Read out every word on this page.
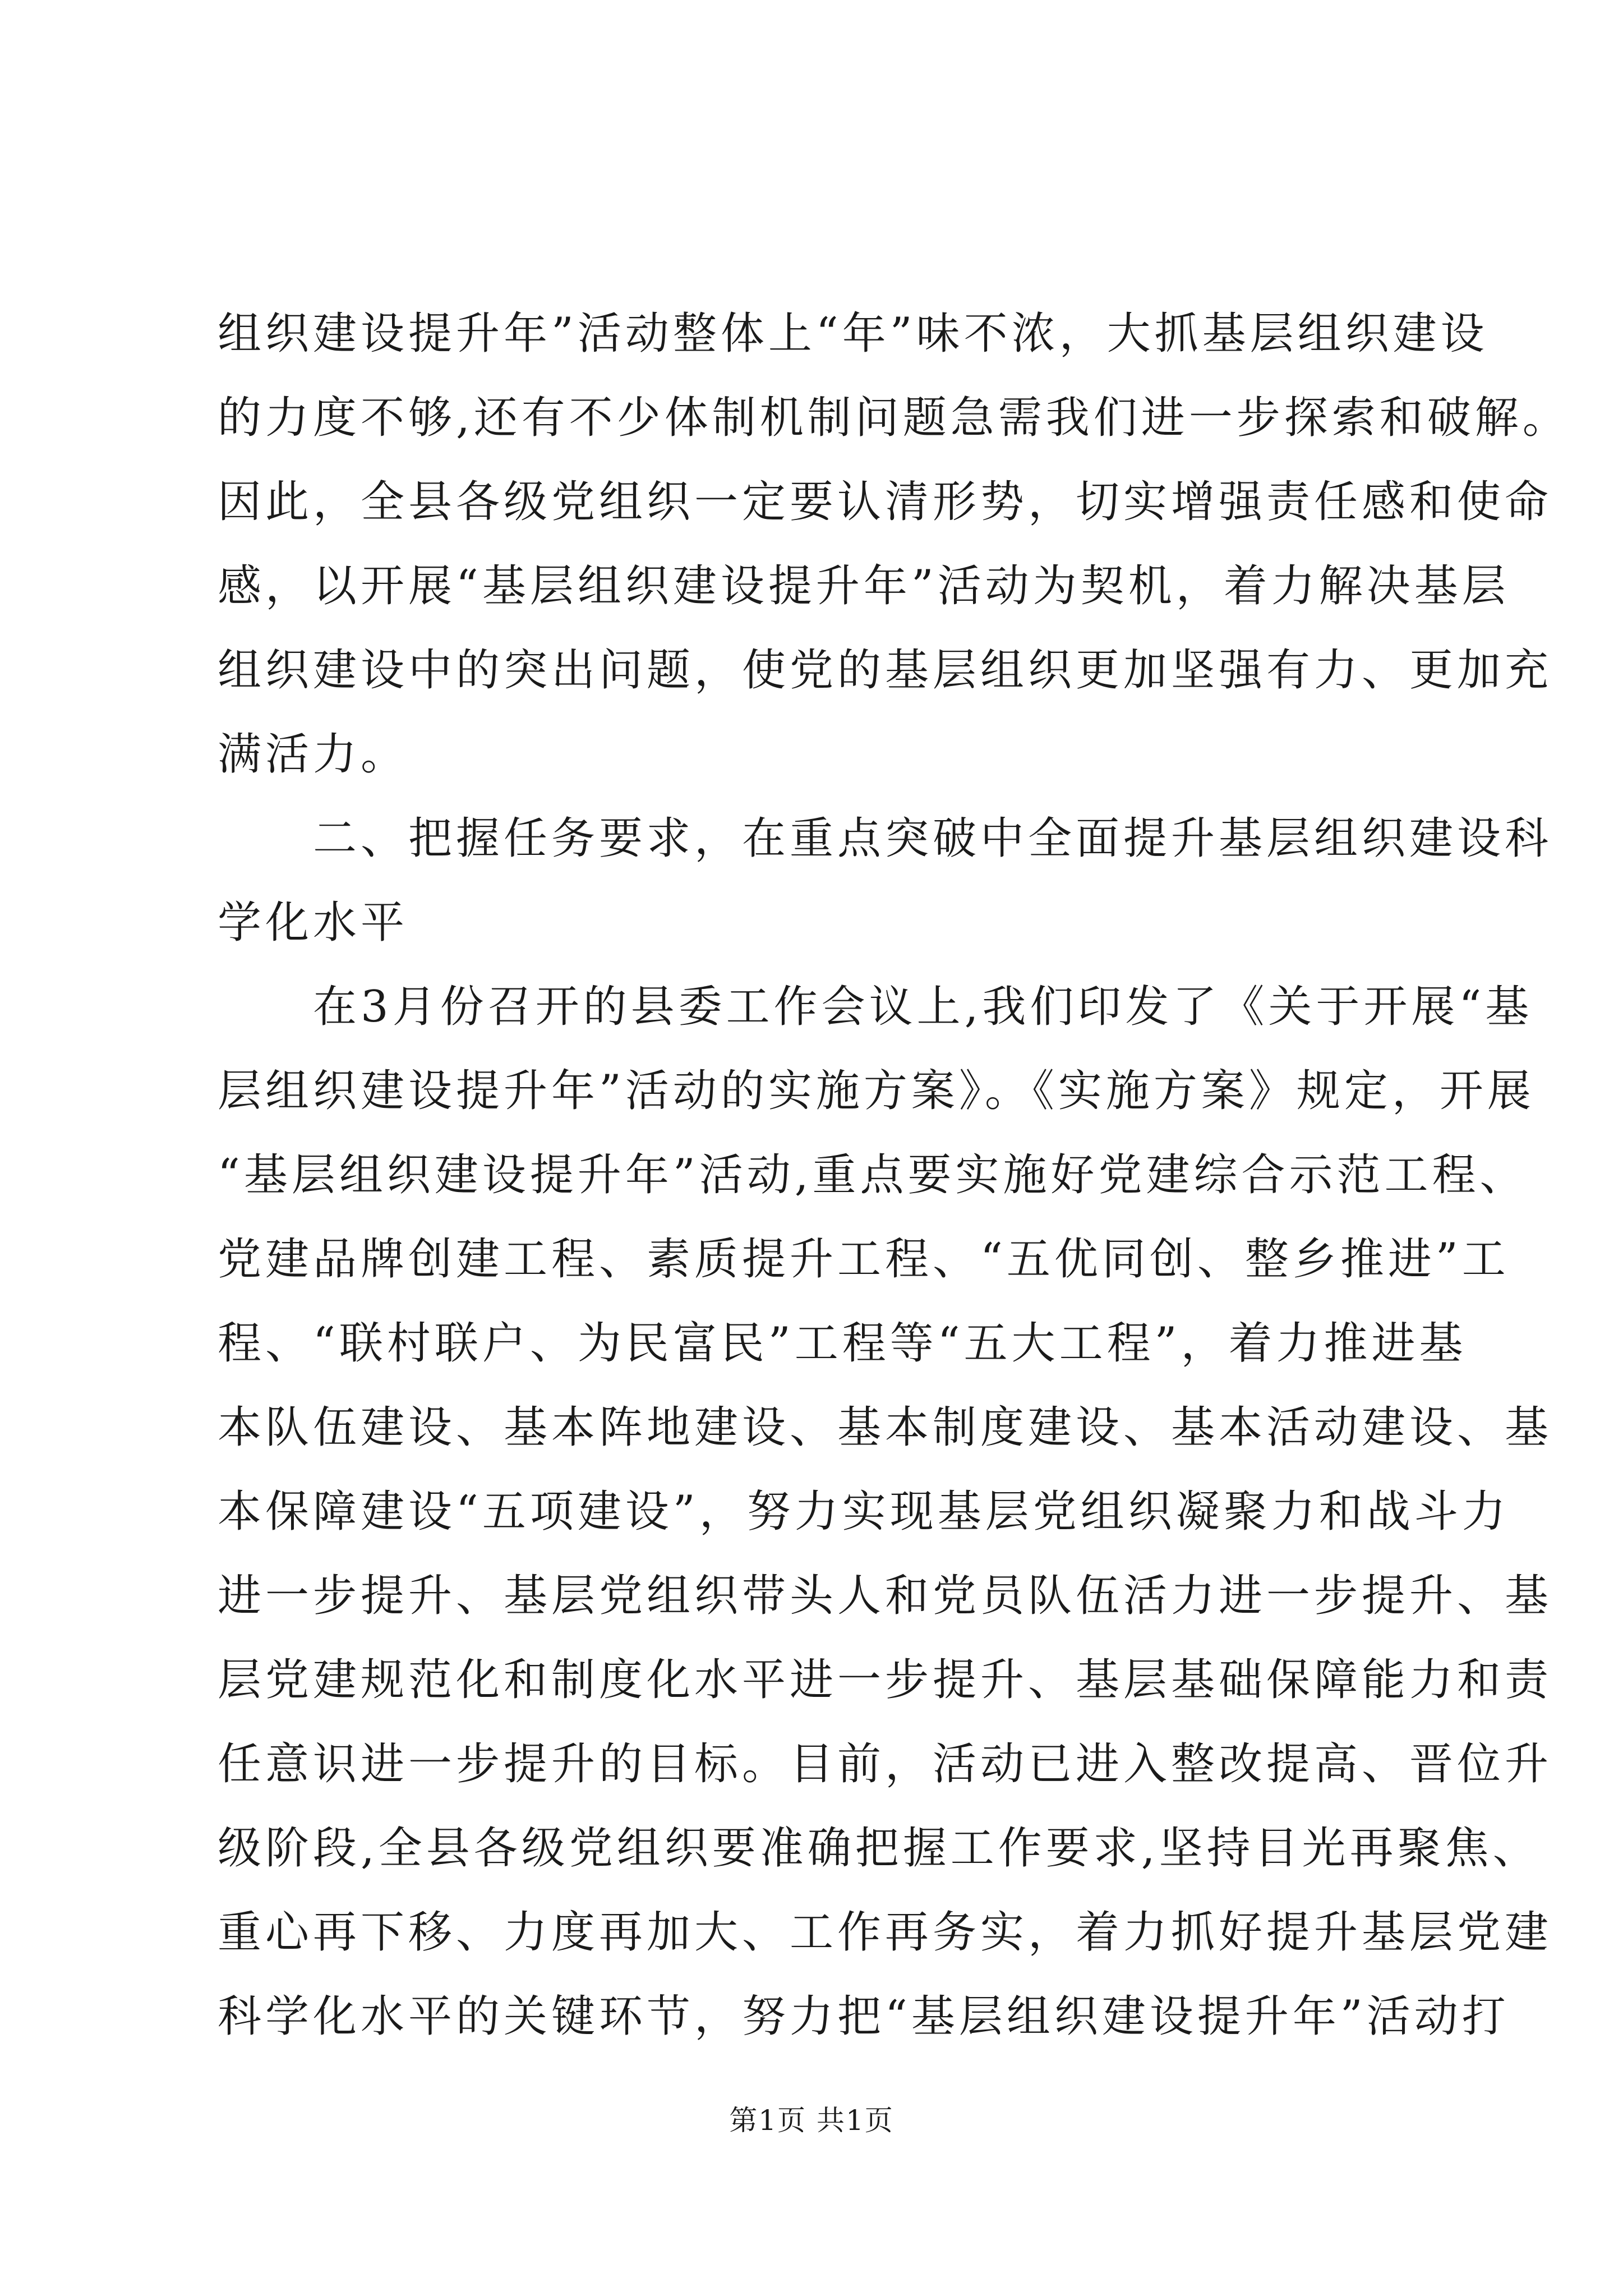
组织建设提升年”活动整体上“年”味不浓，大抓基层组织建设
的力度不够,还有不少体制机制问题急需我们进一步探索和破解。
因此，全县各级党组织一定要认清形势，切实增强责任感和使命
感，以开展“基层组织建设提升年”活动为契机，着力解决基层
组织建设中的突出问题，使党的基层组织更加坚强有力、更加充
满活力。
二、把握任务要求，在重点突破中全面提升基层组织建设科
学化水平
在3月份召开的县委工作会议上,我们印发了《关于开展“基
层组织建设提升年”活动的实施方案》。《实施方案》规定，开展
“基层组织建设提升年”活动,重点要实施好党建综合示范工程、
党建品牌创建工程、素质提升工程、“五优同创、整乡推进”工
程、“联村联户、为民富民”工程等“五大工程”，着力推进基
本队伍建设、基本阵地建设、基本制度建设、基本活动建设、基
本保障建设“五项建设”，努力实现基层党组织凝聚力和战斗力
进一步提升、基层党组织带头人和党员队伍活力进一步提升、基
层党建规范化和制度化水平进一步提升、基层基础保障能力和责
任意识进一步提升的目标。目前，活动已进入整改提高、晋位升
级阶段,全县各级党组织要准确把握工作要求,坚持目光再聚焦、
重心再下移、力度再加大、工作再务实，着力抓好提升基层党建
科学化水平的关键环节，努力把“基层组织建设提升年”活动打
第1页 共1页
